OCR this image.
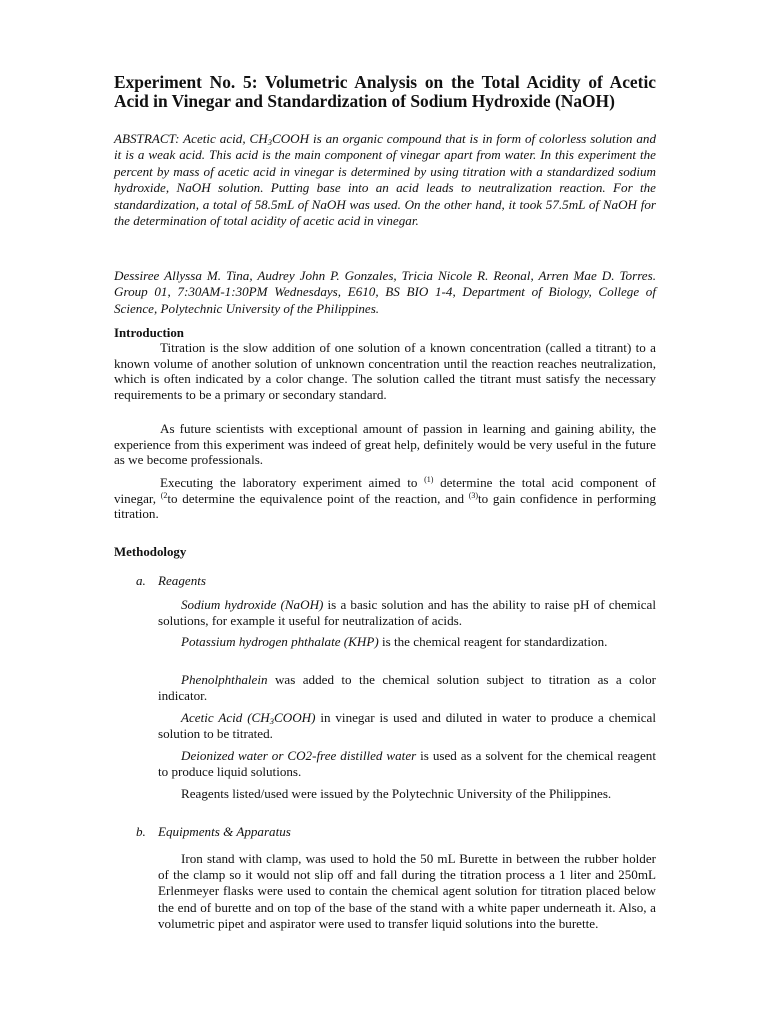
Experiment No. 5: Volumetric Analysis on the Total Acidity of Acetic Acid in Vinegar and Standardization of Sodium Hydroxide (NaOH)

ABSTRACT: Acetic acid, $CH_3COOH$ is an organic compound that is in form of colorless solution and it is a weak acid. This acid is the main component of vinegar apart from water. In this experiment the percent by mass of acetic acid in vinegar is determined by using titration with a standardized sodium hydroxide, NaOH solution. Putting base into an acid leads to neutralization reaction. For the standardization, a total of 58.5mL of NaOH was used. On the other hand, it took 57.5mL of NaOH for the determination of total acidity of acetic acid in vinegar.

Dessiree Allyssa M. Tina, Audrey John P. Gonzales, Tricia Nicole R. Reonal, Arren Mae D. Torres. Group 01, 7:30AM-1:30PM Wednesdays, E610, BS BIO 1-4, Department of Biology, College of Science, Polytechnic University of the Philippines.

Introduction

Titration is the slow addition of one solution of a known concentration (called a titrant) to a known volume of another solution of unknown concentration until the reaction reaches neutralization, which is often indicated by a color change. The solution called the titrant must satisfy the necessary requirements to be a primary or secondary standard.

As future scientists with exceptional amount of passion in learning and gaining ability, the experience from this experiment was indeed of great help, definitely would be very useful in the future as we become professionals.

Executing the laboratory experiment aimed to $^{(1)}$ determine the total acid component of vinegar, $^{(2}$to determine the equivalence point of the reaction, and $^{(3)}$to gain confidence in performing titration.

Methodology

a. Reagents

Sodium hydroxide (NaOH) is a basic solution and has the ability to raise pH of chemical solutions, for example it useful for neutralization of acids.

Potassium hydrogen phthalate (KHP) is the chemical reagent for standardization.

Phenolphthalein was added to the chemical solution subject to titration as a color indicator.

Acetic Acid $(CH_3COOH)$ in vinegar is used and diluted in water to produce a chemical solution to be titrated.

Deionized water or CO2-free distilled water is used as a solvent for the chemical reagent to produce liquid solutions.

Reagents listed/used were issued by the Polytechnic University of the Philippines.

b. Equipments & Apparatus

Iron stand with clamp, was used to hold the 50 mL Burette in between the rubber holder of the clamp so it would not slip off and fall during the titration process a 1 liter and 250mL Erlenmeyer flasks were used to contain the chemical agent solution for titration placed below the end of burette and on top of the base of the stand with a white paper underneath it. Also, a volumetric pipet and aspirator were used to transfer liquid solutions into the burette.
